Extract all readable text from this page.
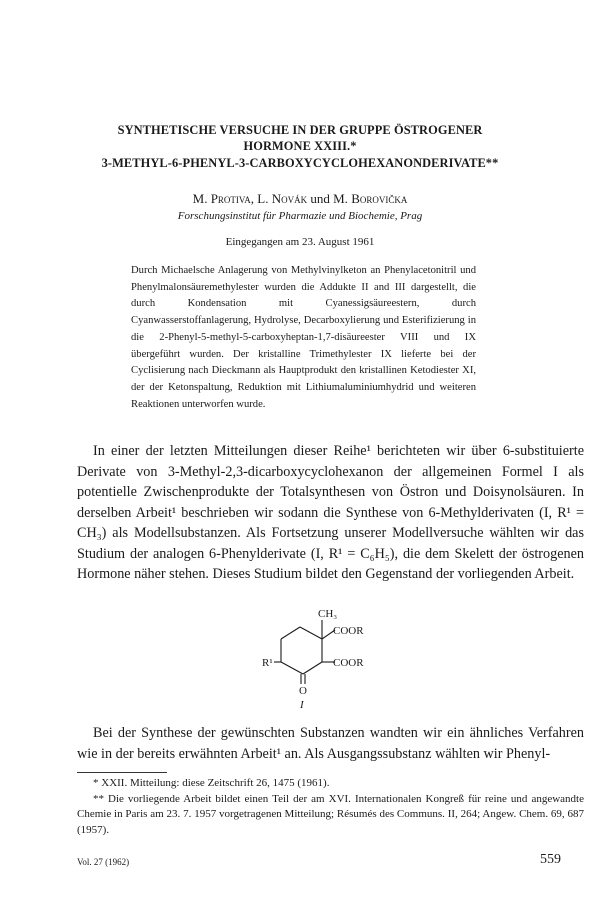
SYNTHETISCHE VERSUCHE IN DER GRUPPE ÖSTROGENER

HORMONE XXIII.*

3-METHYL-6-PHENYL-3-CARBOXYCYCLOHEXANONDERIVATE**

M. Protiva, L. Novák und M. Borovička

Forschungsinstitut für Pharmazie und Biochemie, Prag

Eingegangen am 23. August 1961

Durch Michaelsche Anlagerung von Methylvinylketon an Phenylacetonitril und Phenylmalonsäuremethylester wurden die Addukte II and III dargestellt, die durch Kondensation mit Cyanessigsäureestern, durch Cyanwasserstoffanlagerung, Hydrolyse, Decarboxylierung und Esterifizierung in die 2-Phenyl-5-methyl-5-carboxyheptan-1,7-disäureester VIII und IX übergeführt wurden. Der kristalline Trimethylester IX lieferte bei der Cyclisierung nach Dieckmann als Hauptprodukt den kristallinen Ketodiester XI, der der Ketonspaltung, Reduktion mit Lithiumaluminiumhydrid und weiteren Reaktionen unterworfen wurde.

In einer der letzten Mitteilungen dieser Reihe¹ berichteten wir über 6-substituierte Derivate von 3-Methyl-2,3-dicarboxycyclohexanon der allgemeinen Formel I als potentielle Zwischenprodukte der Totalsynthesen von Östron und Doisynolsäuren. In derselben Arbeit¹ beschrieben wir sodann die Synthese von 6-Methylderivaten (I, R¹ = CH₃) als Modellsubstanzen. Als Fortsetzung unserer Modellversuche wählten wir das Studium der analogen 6-Phenylderivate (I, R¹ = C₆H₅), die dem Skelett der östrogenen Hormone näher stehen. Dieses Studium bildet den Gegenstand der vorliegenden Arbeit.

CH₃
COOR
COOR
R¹
O
I

Bei der Synthese der gewünschten Substanzen wandten wir ein ähnliches Verfahren wie in der bereits erwähnten Arbeit¹ an. Als Ausgangssubstanz wählten wir Phenyl-

* XXII. Mitteilung: diese Zeitschrift 26, 1475 (1961).

** Die vorliegende Arbeit bildet einen Teil der am XVI. Internationalen Kongreß für reine und angewandte Chemie in Paris am 23. 7. 1957 vorgetragenen Mitteilung; Résumés des Communs. II, 264; Angew. Chem. 69, 687 (1957).

Vol. 27 (1962)	559
